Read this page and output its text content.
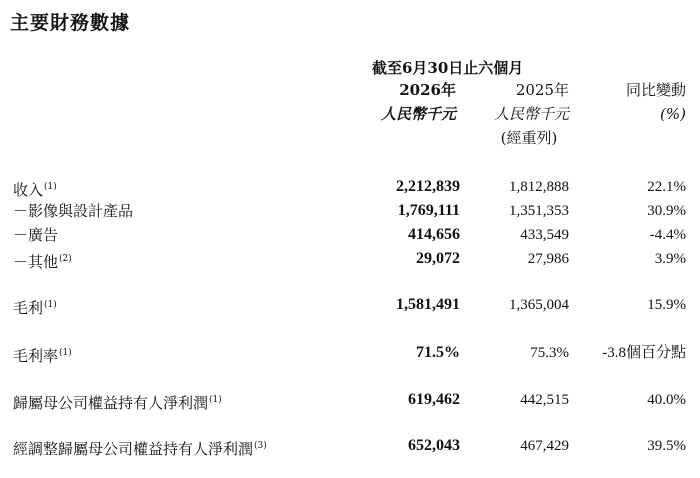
主要財務數據
截至6月30日止六個月
2026年	2025年	同比變動
人民幣千元	人民幣千元	(%)
(經重列)
收入$^{(1)}$	2,212,839	1,812,888	22.1%
－影像與設計產品	1,769,111	1,351,353	30.9%
－廣告	414,656	433,549	-4.4%
－其他$^{(2)}$	29,072	27,986	3.9%
毛利$^{(1)}$	1,581,491	1,365,004	15.9%
毛利率$^{(1)}$	71.5%	75.3%	-3.8個百分點
歸屬母公司權益持有人淨利潤$^{(1)}$	619,462	442,515	40.0%
經調整歸屬母公司權益持有人淨利潤$^{(3)}$	652,043	467,429	39.5%
